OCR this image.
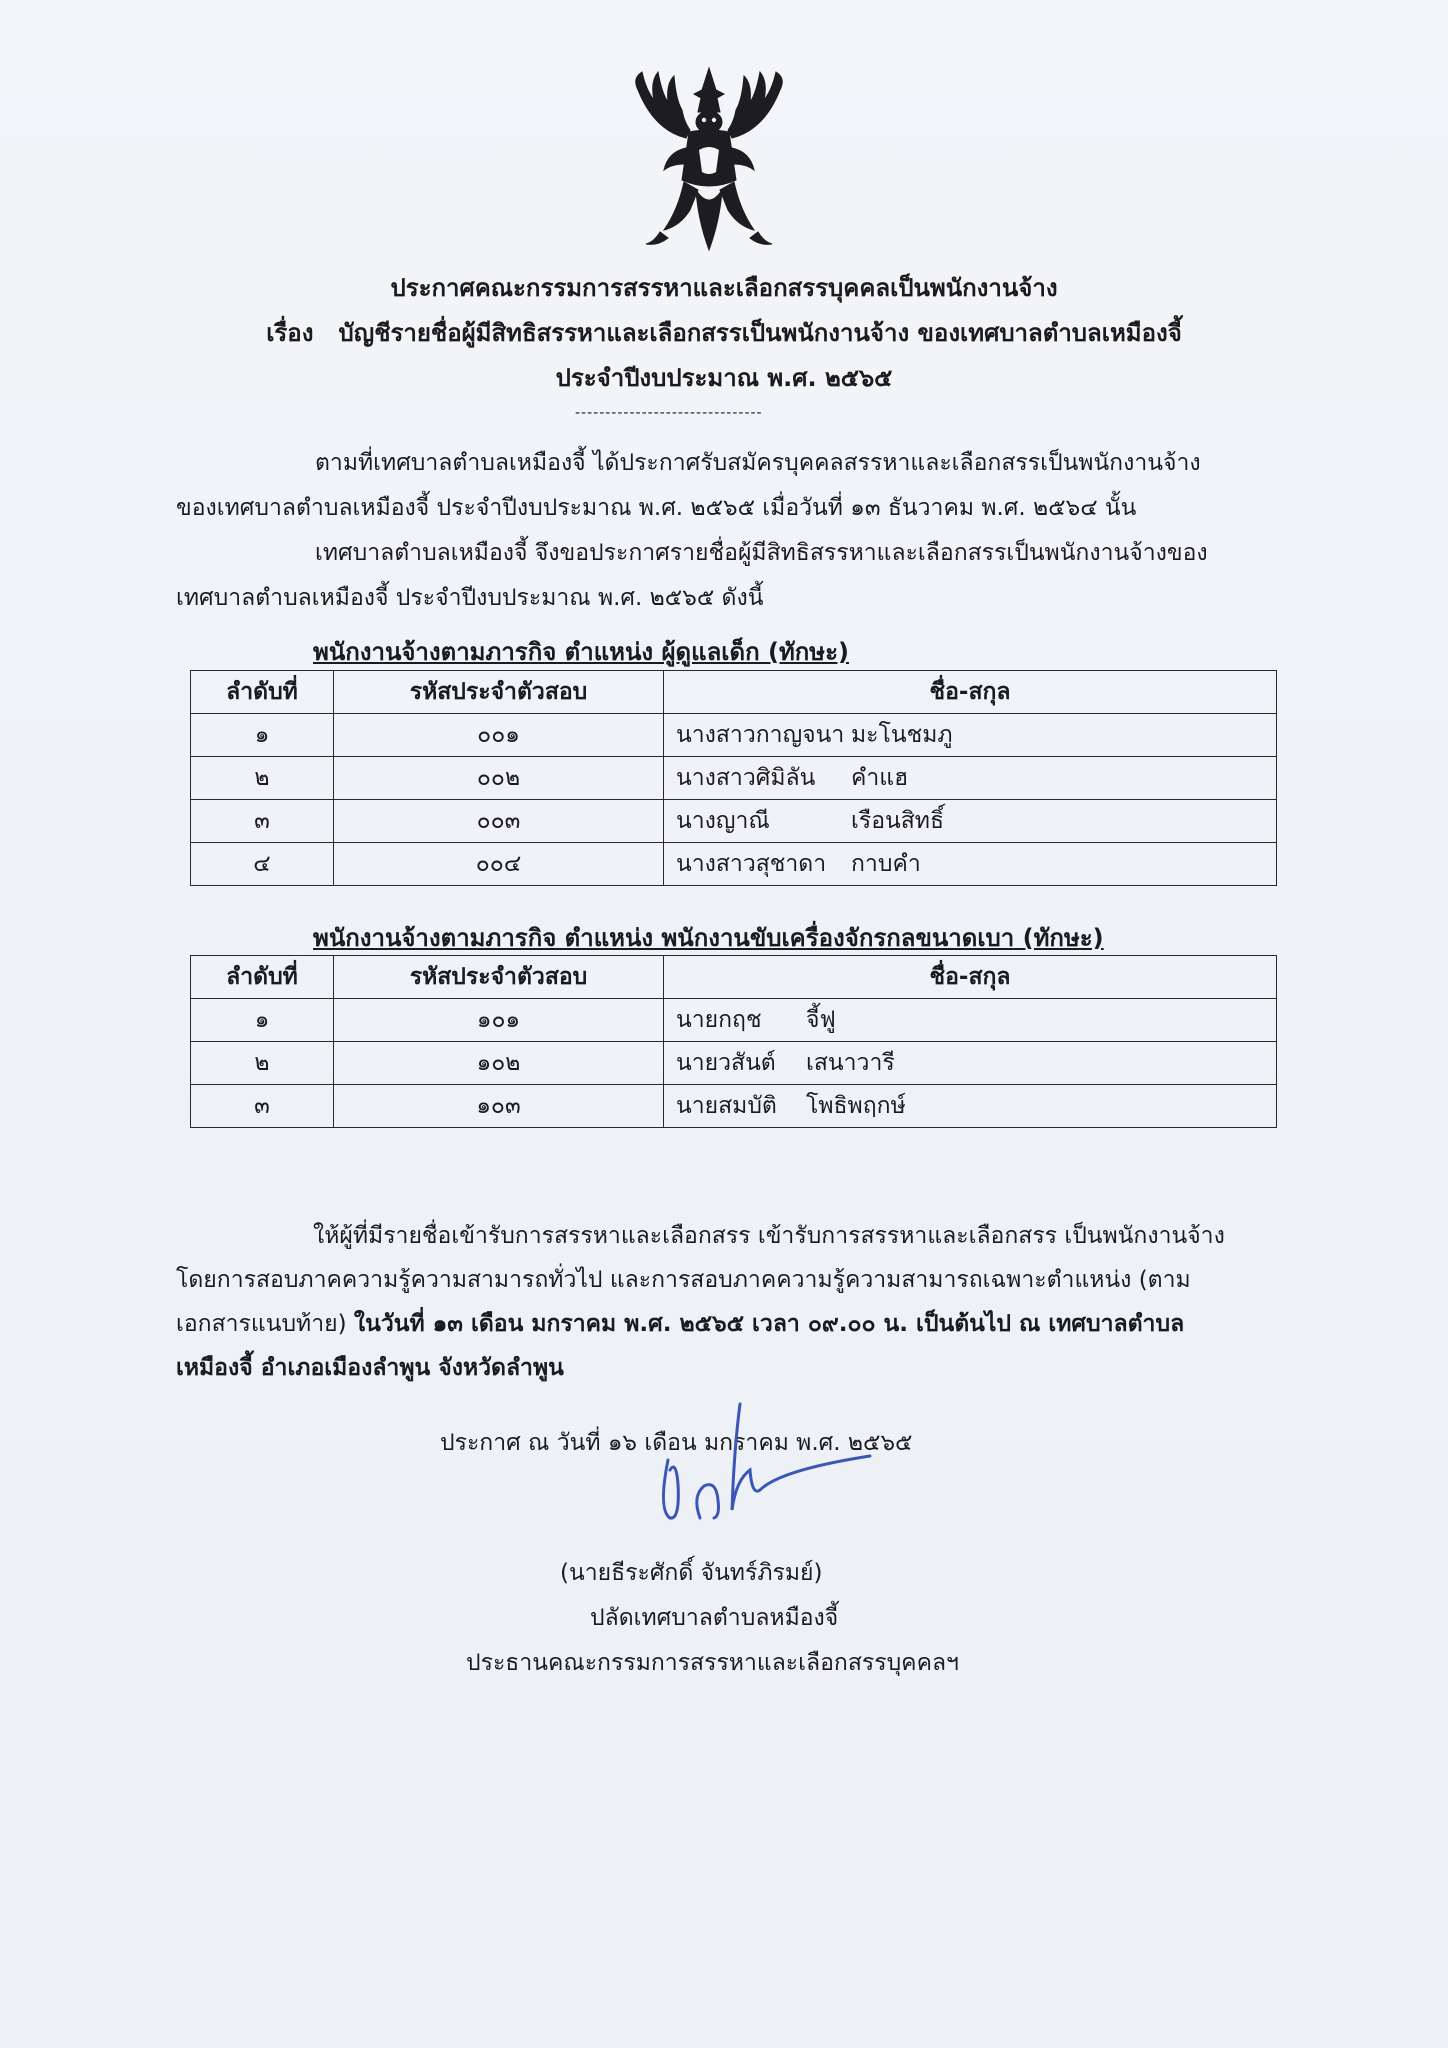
ประกาศคณะกรรมการสรรหาและเลือกสรรบุคคลเป็นพนักงานจ้าง
เรื่อง บัญชีรายชื่อผู้มีสิทธิสรรหาและเลือกสรรเป็นพนักงานจ้าง ของเทศบาลตำบลเหมืองจี้
ประจำปีงบประมาณ พ.ศ. ๒๕๖๕
-------------------------------
ตามที่เทศบาลตำบลเหมืองจี้ ได้ประกาศรับสมัครบุคคลสรรหาและเลือกสรรเป็นพนักงานจ้าง
ของเทศบาลตำบลเหมืองจี้ ประจำปีงบประมาณ พ.ศ. ๒๕๖๕ เมื่อวันที่ ๑๓ ธันวาคม พ.ศ. ๒๕๖๔ นั้น
เทศบาลตำบลเหมืองจี้ จึงขอประกาศรายชื่อผู้มีสิทธิสรรหาและเลือกสรรเป็นพนักงานจ้างของ
เทศบาลตำบลเหมืองจี้ ประจำปีงบประมาณ พ.ศ. ๒๕๖๕ ดังนี้
พนักงานจ้างตามภารกิจ ตำแหน่ง ผู้ดูแลเด็ก (ทักษะ)
ลำดับที่	รหัสประจำตัวสอบ	ชื่อ-สกุล
๑	๐๐๑	นางสาวกาญจนา มะโนชมภู
๒	๐๐๒	นางสาวศิมิลัน คำแฮ
๓	๐๐๓	นางญาณี เรือนสิทธิ์
๔	๐๐๔	นางสาวสุชาดา กาบคำ
พนักงานจ้างตามภารกิจ ตำแหน่ง พนักงานขับเครื่องจักรกลขนาดเบา (ทักษะ)
ลำดับที่	รหัสประจำตัวสอบ	ชื่อ-สกุล
๑	๑๐๑	นายกฤช จี้ฟู
๒	๑๐๒	นายวสันต์ เสนาวารี
๓	๑๐๓	นายสมบัติ โพธิพฤกษ์
ให้ผู้ที่มีรายชื่อเข้ารับการสรรหาและเลือกสรร เข้ารับการสรรหาและเลือกสรร เป็นพนักงานจ้าง
โดยการสอบภาคความรู้ความสามารถทั่วไป และการสอบภาคความรู้ความสามารถเฉพาะตำแหน่ง (ตาม
เอกสารแนบท้าย) ในวันที่ ๑๓ เดือน มกราคม พ.ศ. ๒๕๖๕ เวลา ๐๙.๐๐ น. เป็นต้นไป ณ เทศบาลตำบล
เหมืองจี้ อำเภอเมืองลำพูน จังหวัดลำพูน
ประกาศ ณ วันที่ ๑๖ เดือน มกราคม พ.ศ. ๒๕๖๕
(นายธีระศักดิ์ จันทร์ภิรมย์)
ปลัดเทศบาลตำบลหมืองจี้
ประธานคณะกรรมการสรรหาและเลือกสรรบุคคลฯ
